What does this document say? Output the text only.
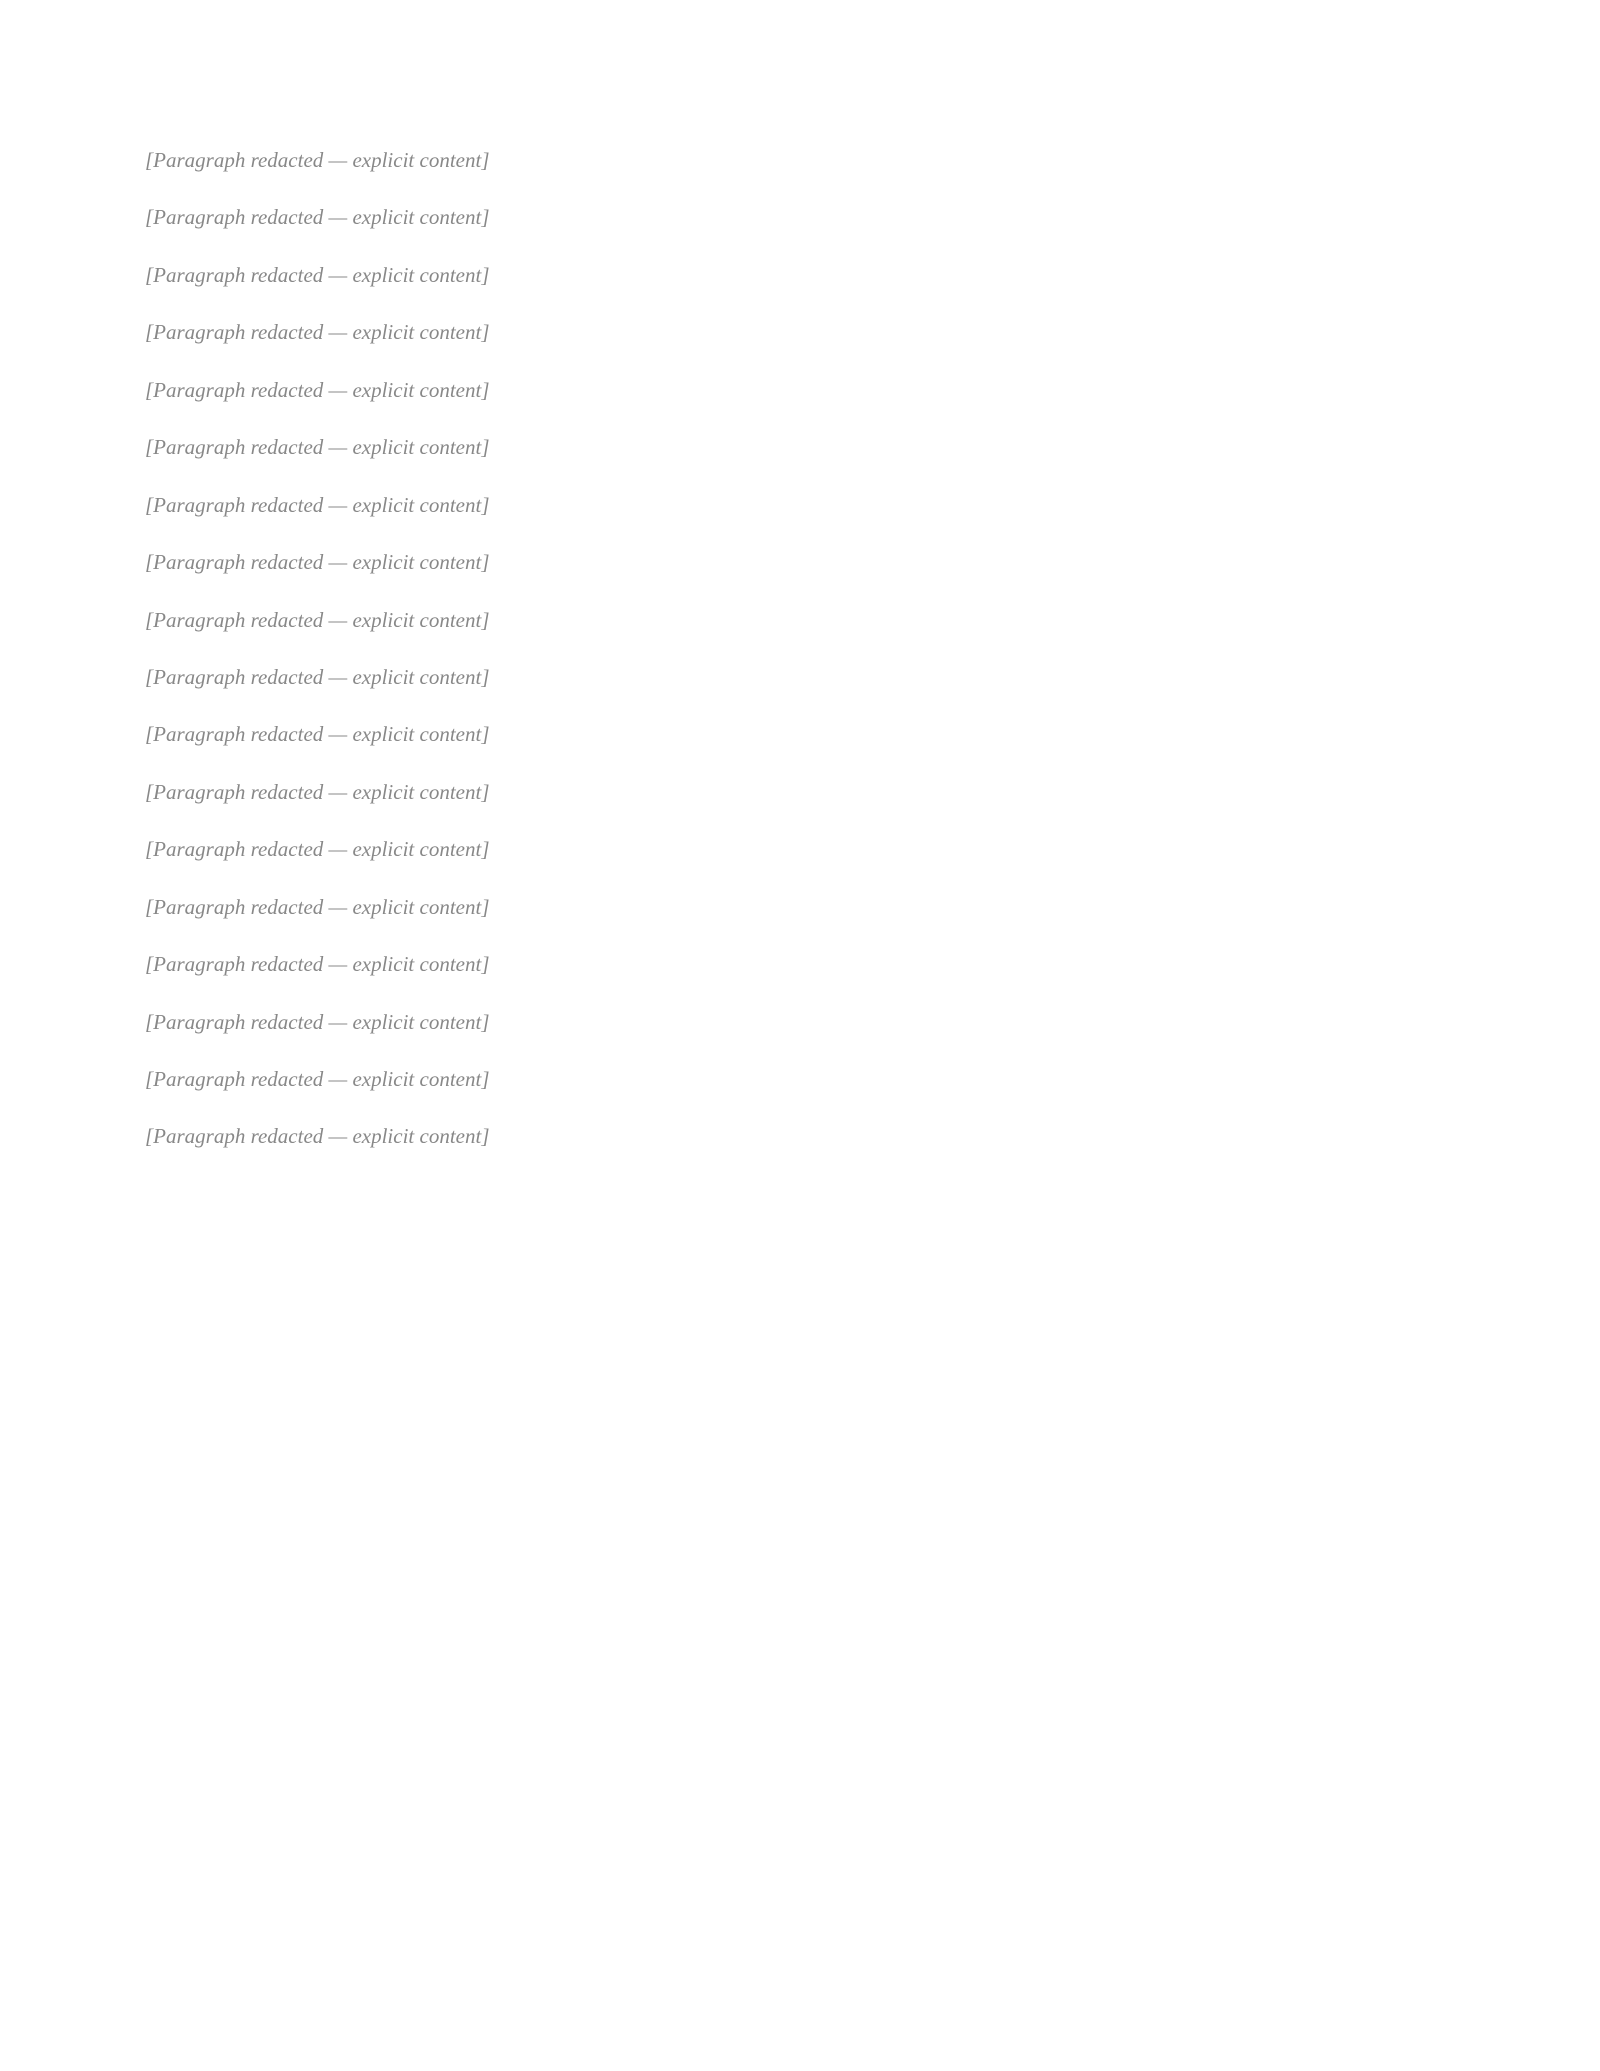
[Paragraph redacted — explicit content]

[Paragraph redacted — explicit content]

[Paragraph redacted — explicit content]

[Paragraph redacted — explicit content]

[Paragraph redacted — explicit content]

[Paragraph redacted — explicit content]

[Paragraph redacted — explicit content]

[Paragraph redacted — explicit content]

[Paragraph redacted — explicit content]

[Paragraph redacted — explicit content]

[Paragraph redacted — explicit content]

[Paragraph redacted — explicit content]

[Paragraph redacted — explicit content]

[Paragraph redacted — explicit content]

[Paragraph redacted — explicit content]

[Paragraph redacted — explicit content]

[Paragraph redacted — explicit content]

[Paragraph redacted — explicit content]
